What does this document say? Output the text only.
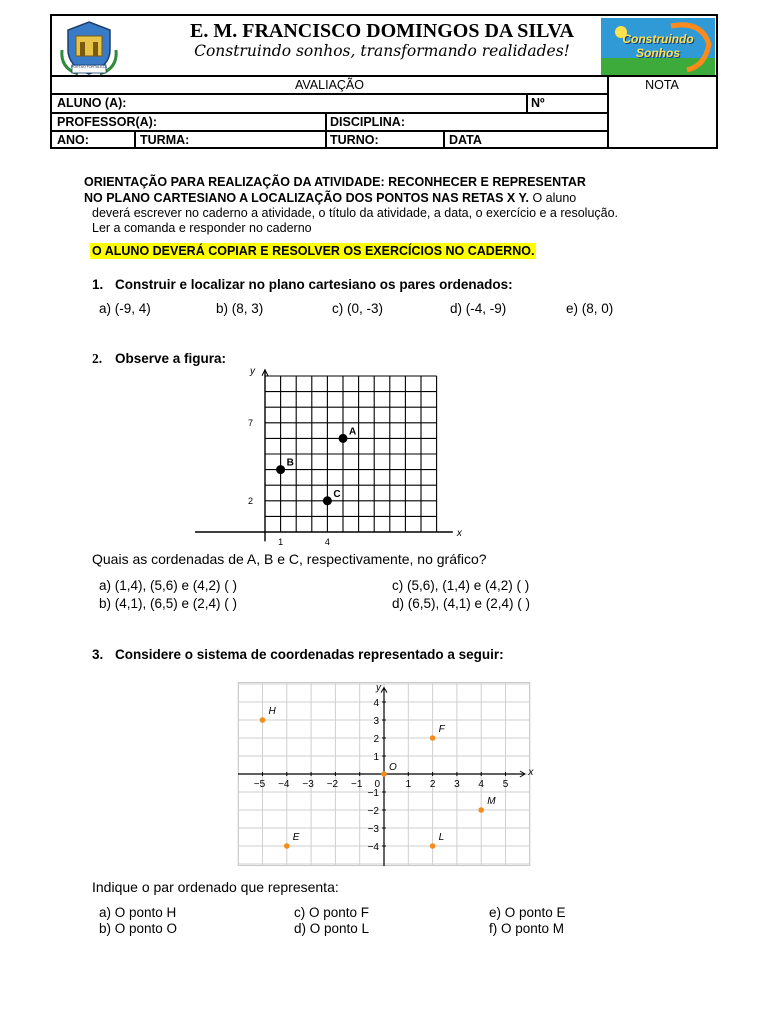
PORTÃO FORTALEZA
E. M. FRANCISCO DOMINGOS DA SILVA
Construindo sonhos, transformando realidades!
Construindo Sonhos
AVALIAÇÃO	NOTA
ALUNO (A):	Nº
PROFESSOR(A):	DISCIPLINA:
ANO:	TURMA:	TURNO:	DATA
ORIENTAÇÃO PARA REALIZAÇÃO DA ATIVIDADE: RECONHECER E REPRESENTAR
NO PLANO CARTESIANO A LOCALIZAÇÃO DOS PONTOS NAS RETAS X Y. O aluno
deverá escrever no caderno a atividade, o título da atividade, a data, o exercício e a resolução.
Ler a comanda e responder no caderno
O ALUNO DEVERÁ COPIAR E RESOLVER OS EXERCÍCIOS NO CADERNO.
1. Construir e localizar no plano cartesiano os pares ordenados:
a) (-9, 4)	b) (8, 3)	c) (0, -3)	d) (-4, -9)	e) (8, 0)
2. Observe a figura:
y
x
1	4
2
7
A
B
C
Quais as cordenadas de A, B e C, respectivamente, no gráfico?
a) (1,4), (5,6) e (4,2) ( )	c) (5,6), (1,4) e (4,2) ( )
b) (4,1), (6,5) e (2,4) ( )	d) (6,5), (4,1) e (2,4) ( )
3. Considere o sistema de coordenadas representado a seguir:
y
x
−5 −4 −3 −2 −1 0	1 2 3 4 5
4
3
2
1
−1
−2
−3
−4
H
F
O
M
E	L
Indique o par ordenado que representa:
a) O ponto H	c) O ponto F	e) O ponto E
b) O ponto O	d) O ponto L	f) O ponto M
